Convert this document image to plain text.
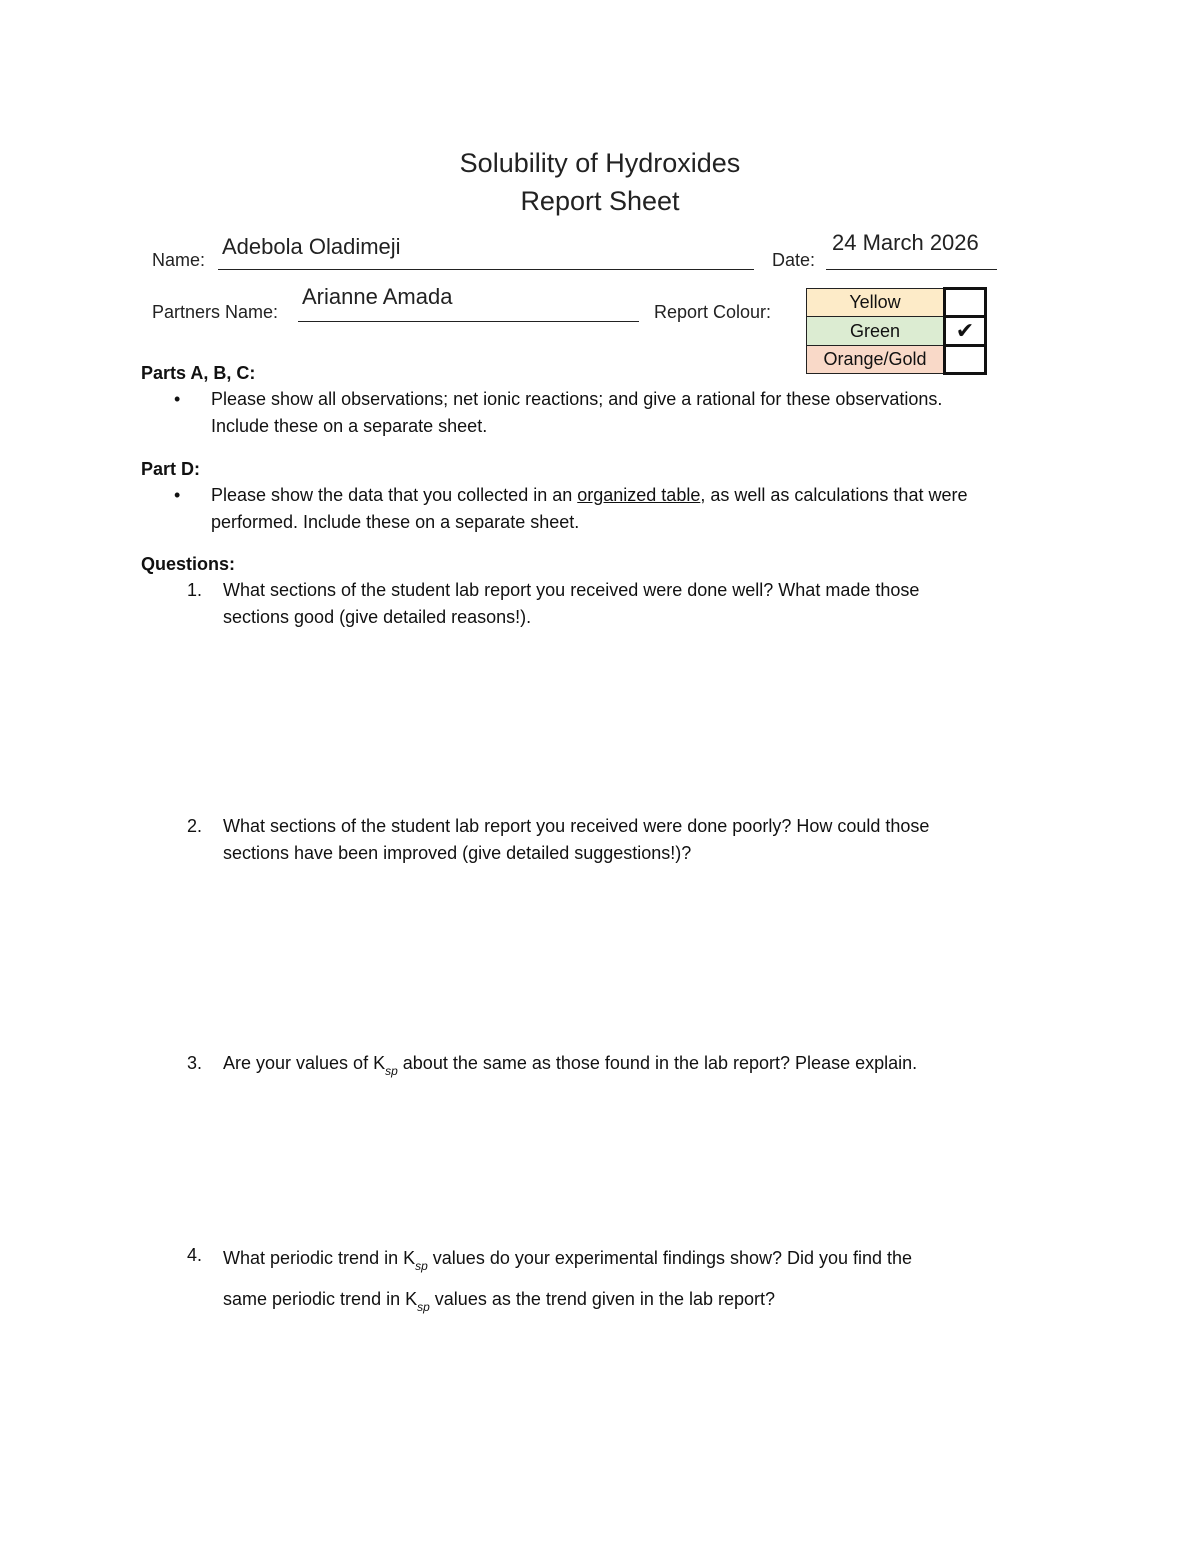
Solubility of Hydroxides
Report Sheet
Name:
Adebola Oladimeji
Date:
24 March 2026
Partners Name:
Arianne Amada
Report Colour:	Yellow	
Green	✔
Orange/Gold	
Parts A, B, C:
• Please show all observations; net ionic reactions; and give a rational for these observations.
Include these on a separate sheet.
Part D:
• Please show the data that you collected in an organized table, as well as calculations that were
performed. Include these on a separate sheet.
Questions:
1. What sections of the student lab report you received were done well? What made those
sections good (give detailed reasons!).
2. What sections of the student lab report you received were done poorly? How could those
sections have been improved (give detailed suggestions!)?
3. Are your values of $K_{sp}$ about the same as those found in the lab report? Please explain.
4. What periodic trend in $K_{sp}$ values do your experimental findings show? Did you find the
same periodic trend in $K_{sp}$ values as the trend given in the lab report?
